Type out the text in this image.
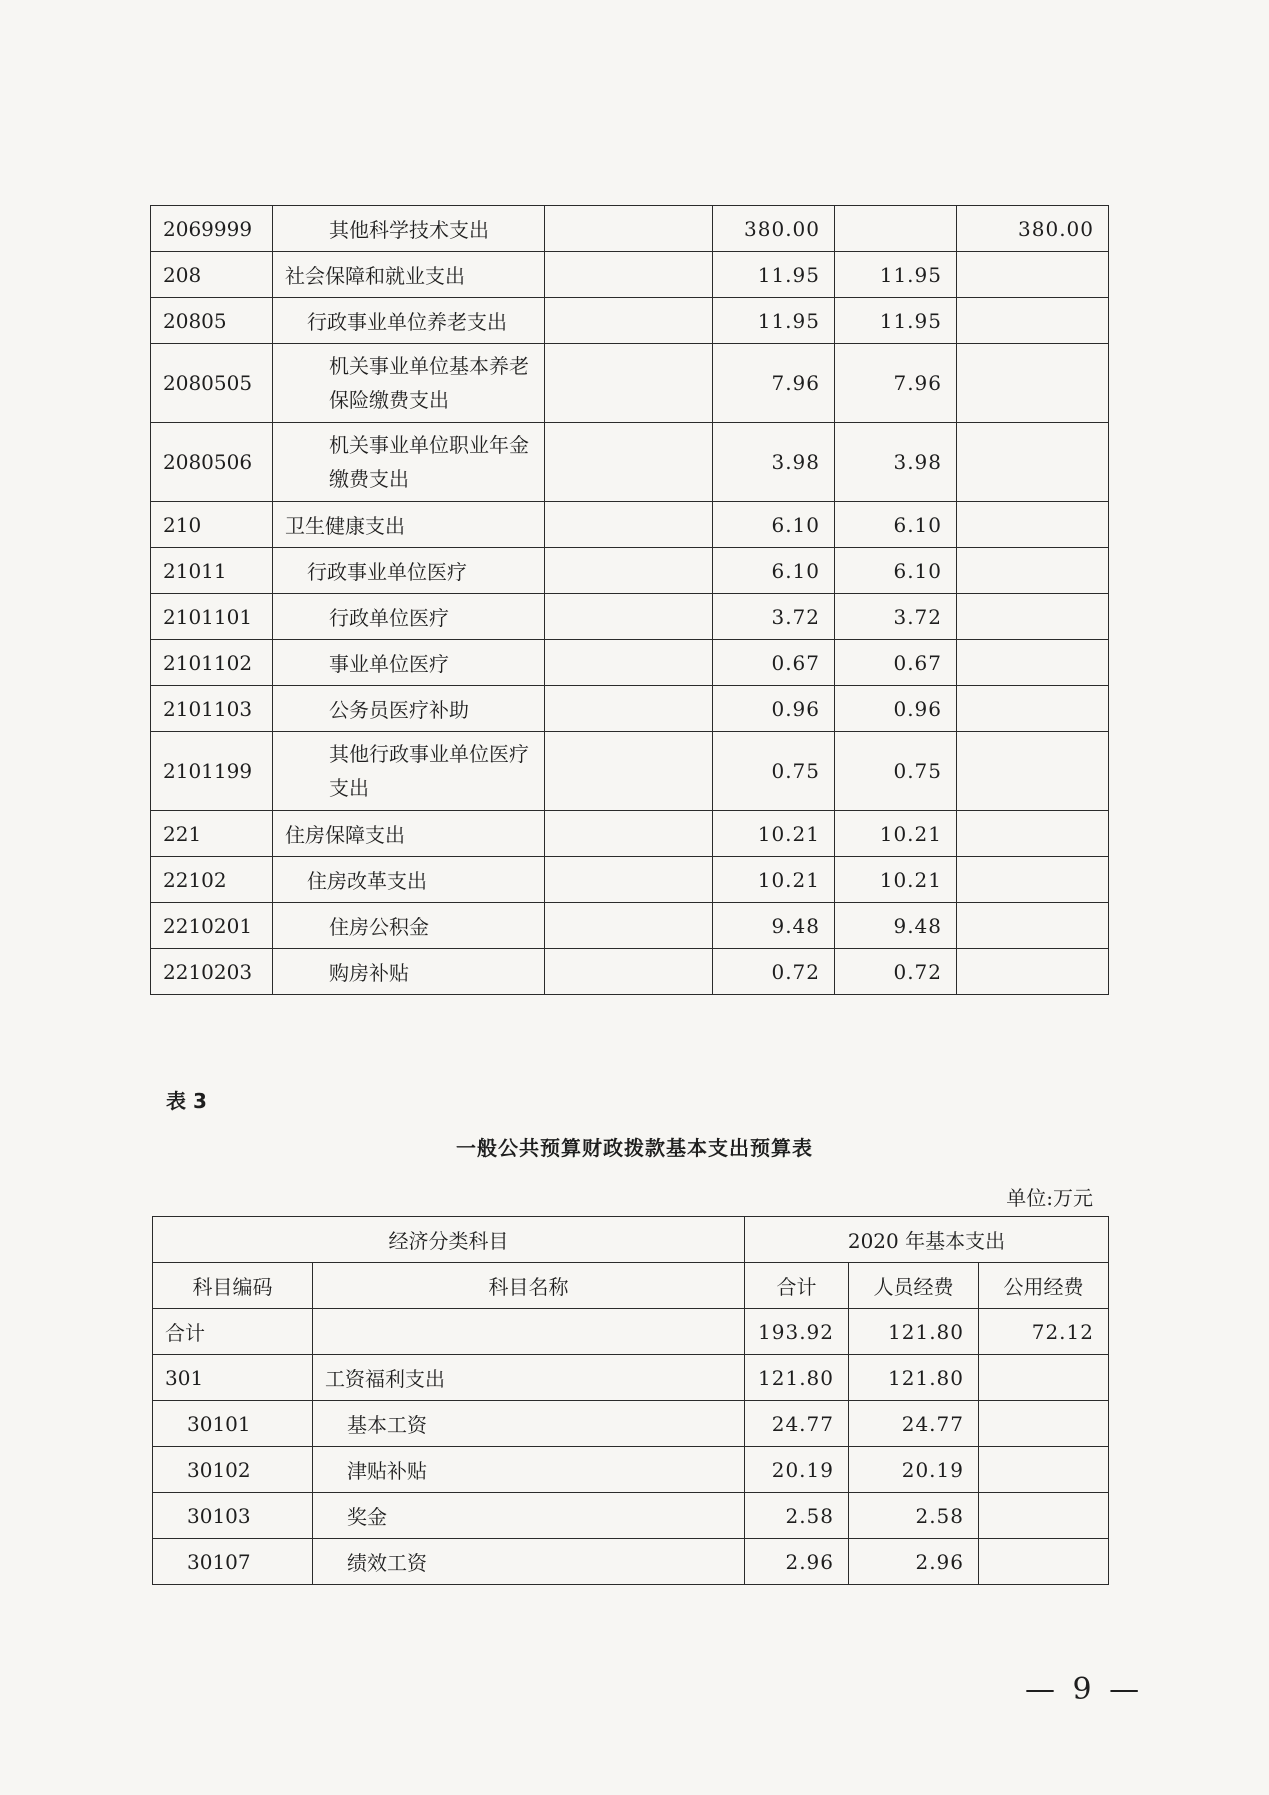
2069999	其他科学技术支出		380.00		380.00
208	社会保障和就业支出		11.95	11.95	
20805	行政事业单位养老支出		11.95	11.95	
2080505	机关事业单位基本养老保险缴费支出		7.96	7.96	
2080506	机关事业单位职业年金缴费支出		3.98	3.98	
210	卫生健康支出		6.10	6.10	
21011	行政事业单位医疗		6.10	6.10	
2101101	行政单位医疗		3.72	3.72	
2101102	事业单位医疗		0.67	0.67	
2101103	公务员医疗补助		0.96	0.96	
2101199	其他行政事业单位医疗支出		0.75	0.75	
221	住房保障支出		10.21	10.21	
22102	住房改革支出		10.21	10.21	
2210201	住房公积金		9.48	9.48	
2210203	购房补贴		0.72	0.72	
表 3
一般公共预算财政拨款基本支出预算表
单位:万元
经济分类科目		2020 年基本支出		
科目编码	科目名称	合计	人员经费	公用经费
合计		193.92	121.80	72.12
301	工资福利支出	121.80	121.80	
30101	基本工资	24.77	24.77	
30102	津贴补贴	20.19	20.19	
30103	奖金	2.58	2.58	
30107	绩效工资	2.96	2.96	
— 9 —
